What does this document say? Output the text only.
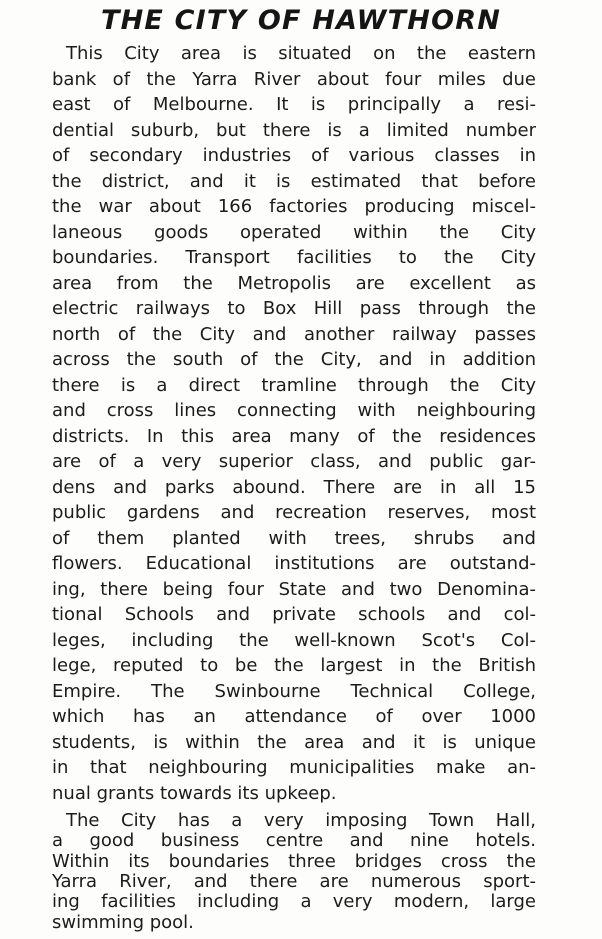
THE CITY OF HAWTHORN
This City area is situated on the eastern
bank of the Yarra River about four miles due
east of Melbourne. It is principally a resi-
dential suburb, but there is a limited number
of secondary industries of various classes in
the district, and it is estimated that before
the war about 166 factories producing miscel-
laneous goods operated within the City
boundaries. Transport facilities to the City
area from the Metropolis are excellent as
electric railways to Box Hill pass through the
north of the City and another railway passes
across the south of the City, and in addition
there is a direct tramline through the City
and cross lines connecting with neighbouring
districts. In this area many of the residences
are of a very superior class, and public gar-
dens and parks abound. There are in all 15
public gardens and recreation reserves, most
of them planted with trees, shrubs and
flowers. Educational institutions are outstand-
ing, there being four State and two Denomina-
tional Schools and private schools and col-
leges, including the well-known Scot's Col-
lege, reputed to be the largest in the British
Empire. The Swinbourne Technical College,
which has an attendance of over 1000
students, is within the area and it is unique
in that neighbouring municipalities make an-
nual grants towards its upkeep.
The City has a very imposing Town Hall,
a good business centre and nine hotels.
Within its boundaries three bridges cross the
Yarra River, and there are numerous sport-
ing facilities including a very modern, large
swimming pool.
